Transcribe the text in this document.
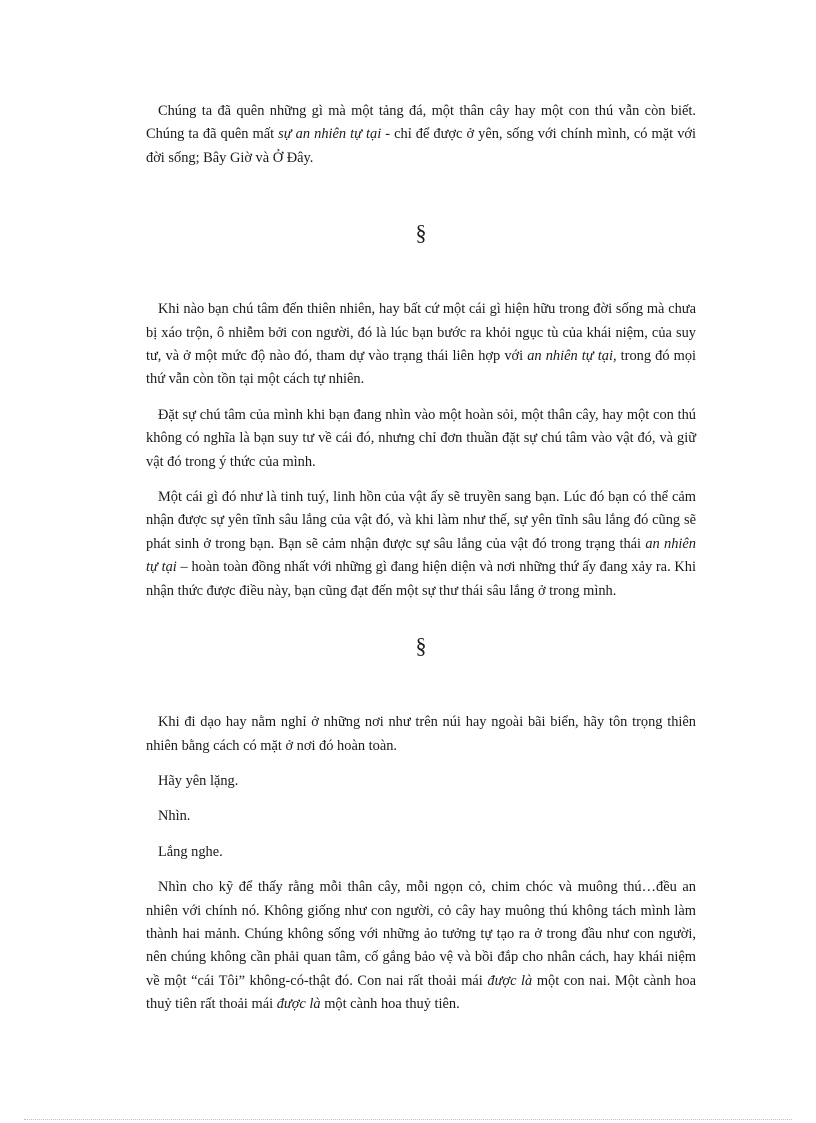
Chúng ta đã quên những gì mà một tảng đá, một thân cây hay một con thú vẫn còn biết. Chúng ta đã quên mất sự an nhiên tự tại - chỉ để được ở yên, sống với chính mình, có mặt với đời sống; Bây Giờ và Ở Đây.

§

Khi nào bạn chú tâm đến thiên nhiên, hay bất cứ một cái gì hiện hữu trong đời sống mà chưa bị xáo trộn, ô nhiễm bởi con người, đó là lúc bạn bước ra khỏi ngục tù của khái niệm, của suy tư, và ở một mức độ nào đó, tham dự vào trạng thái liên hợp với an nhiên tự tại, trong đó mọi thứ vẫn còn tồn tại một cách tự nhiên.

Đặt sự chú tâm của mình khi bạn đang nhìn vào một hoàn sỏi, một thân cây, hay một con thú không có nghĩa là bạn suy tư về cái đó, nhưng chỉ đơn thuần đặt sự chú tâm vào vật đó, và giữ vật đó trong ý thức của mình.

Một cái gì đó như là tinh tuý, linh hồn của vật ấy sẽ truyền sang bạn. Lúc đó bạn có thể cảm nhận được sự yên tĩnh sâu lắng của vật đó, và khi làm như thế, sự yên tĩnh sâu lắng đó cũng sẽ phát sinh ở trong bạn. Bạn sẽ cảm nhận được sự sâu lắng của vật đó trong trạng thái an nhiên tự tại – hoàn toàn đồng nhất với những gì đang hiện diện và nơi những thứ ấy đang xảy ra. Khi nhận thức được điều này, bạn cũng đạt đến một sự thư thái sâu lắng ở trong mình.

§

Khi đi dạo hay nằm nghỉ ở những nơi như trên núi hay ngoài bãi biển, hãy tôn trọng thiên nhiên bằng cách có mặt ở nơi đó hoàn toàn.

Hãy yên lặng.

Nhìn.

Lắng nghe.

Nhìn cho kỹ để thấy rằng mỗi thân cây, mỗi ngọn cỏ, chim chóc và muông thú…đều an nhiên với chính nó. Không giống như con người, cỏ cây hay muông thú không tách mình làm thành hai mảnh. Chúng không sống với những ảo tưởng tự tạo ra ở trong đầu như con người, nên chúng không cần phải quan tâm, cố gắng bảo vệ và bồi đắp cho nhân cách, hay khái niệm về một “cái Tôi” không-có-thật đó. Con nai rất thoải mái được là một con nai. Một cành hoa thuỷ tiên rất thoải mái được là một cành hoa thuỷ tiên.
